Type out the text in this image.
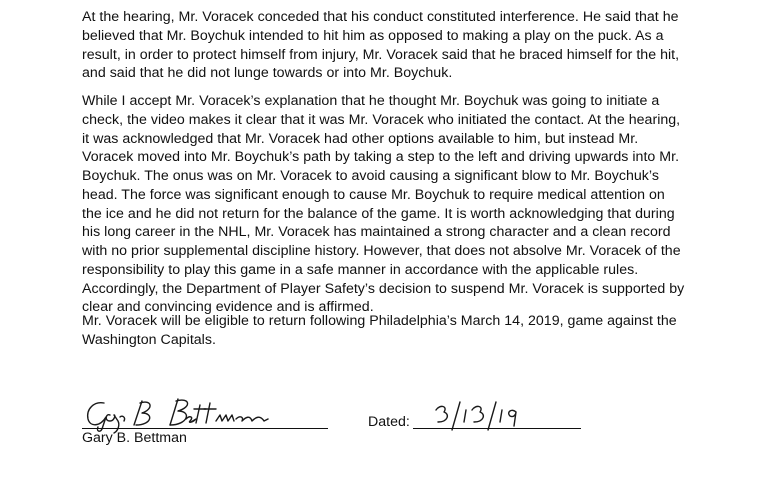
At the hearing, Mr. Voracek conceded that his conduct constituted interference. He said that he
believed that Mr. Boychuk intended to hit him as opposed to making a play on the puck. As a
result, in order to protect himself from injury, Mr. Voracek said that he braced himself for the hit,
and said that he did not lunge towards or into Mr. Boychuk.

While I accept Mr. Voracek’s explanation that he thought Mr. Boychuk was going to initiate a
check, the video makes it clear that it was Mr. Voracek who initiated the contact. At the hearing,
it was acknowledged that Mr. Voracek had other options available to him, but instead Mr.
Voracek moved into Mr. Boychuk’s path by taking a step to the left and driving upwards into Mr.
Boychuk. The onus was on Mr. Voracek to avoid causing a significant blow to Mr. Boychuk’s
head. The force was significant enough to cause Mr. Boychuk to require medical attention on
the ice and he did not return for the balance of the game. It is worth acknowledging that during
his long career in the NHL, Mr. Voracek has maintained a strong character and a clean record
with no prior supplemental discipline history. However, that does not absolve Mr. Voracek of the
responsibility to play this game in a safe manner in accordance with the applicable rules.
Accordingly, the Department of Player Safety’s decision to suspend Mr. Voracek is supported by
clear and convincing evidence and is affirmed.

Mr. Voracek will be eligible to return following Philadelphia’s March 14, 2019, game against the
Washington Capitals.

Gary B. Bettman
Dated:
